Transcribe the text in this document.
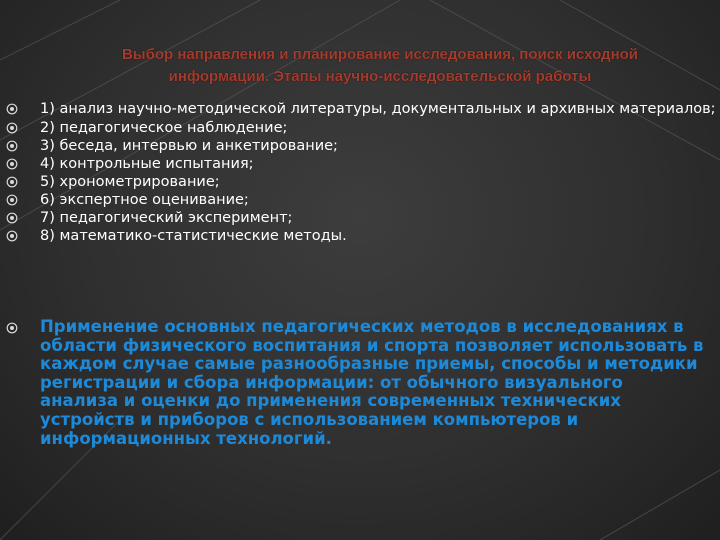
Выбор направления и планирование исследования, поиск исходной
информации. Этапы научно-исследовательской работы
1) анализ научно-методической литературы, документальных и архивных материалов;
2) педагогическое наблюдение;
3) беседа, интервью и анкетирование;
4) контрольные испытания;
5) хронометрирование;
6) экспертное оценивание;
7) педагогический эксперимент;
8) математико-статистические методы.
Применение основных педагогических методов в исследованиях в области физического воспитания и спорта позволяет использовать в каждом случае самые разнообразные приемы, способы и методики регистрации и сбора информации: от обычного визуального анализа и оценки до применения современных технических устройств и приборов с использованием компьютеров и информационных технологий.
